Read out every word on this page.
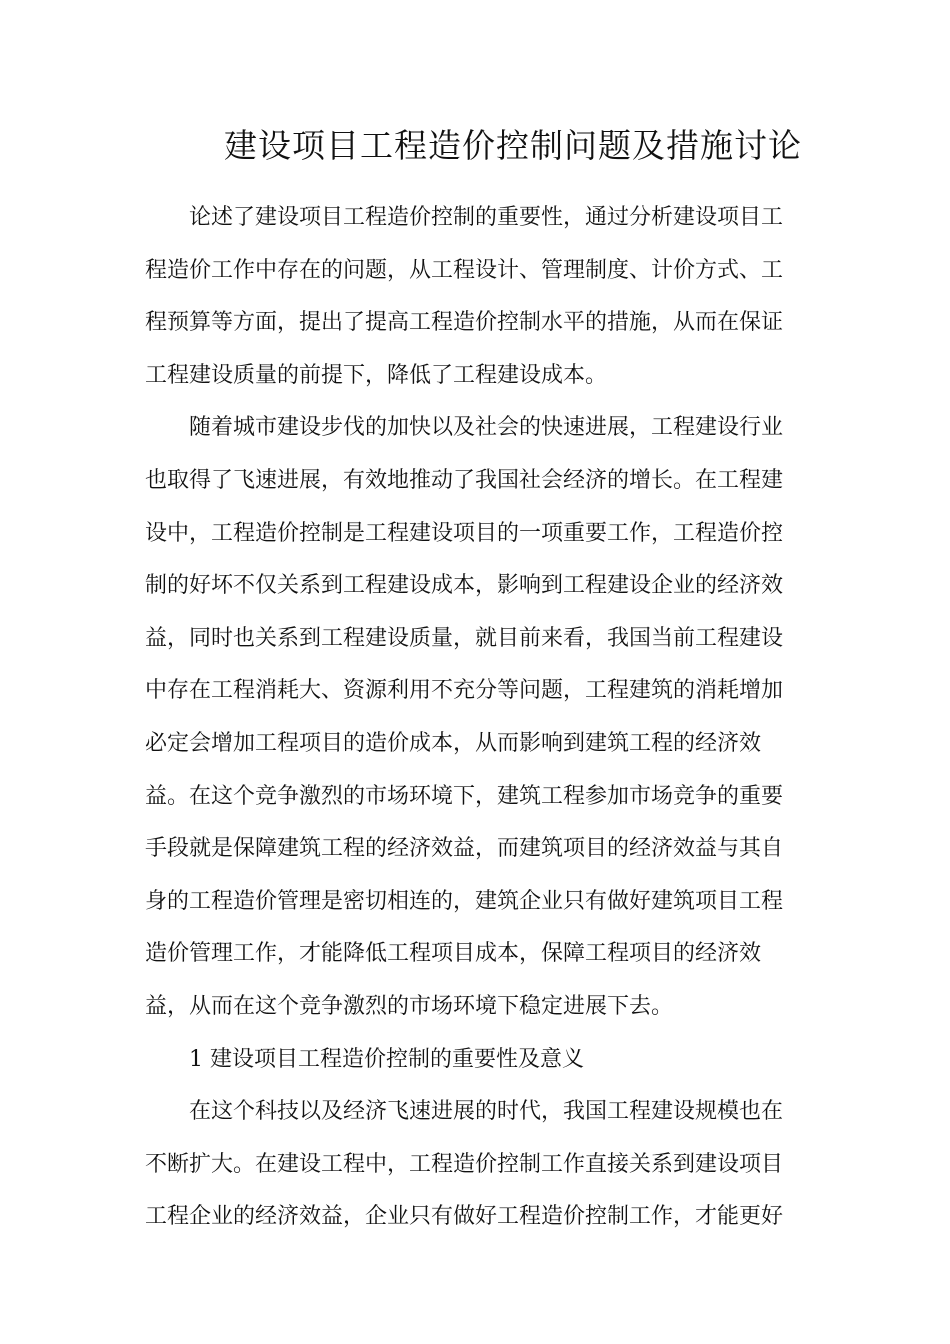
建设项目工程造价控制问题及措施讨论
论述了建设项目工程造价控制的重要性，通过分析建设项目工
程造价工作中存在的问题，从工程设计、管理制度、计价方式、工
程预算等方面，提出了提高工程造价控制水平的措施，从而在保证
工程建设质量的前提下，降低了工程建设成本。
随着城市建设步伐的加快以及社会的快速进展，工程建设行业
也取得了飞速进展，有效地推动了我国社会经济的增长。在工程建
设中，工程造价控制是工程建设项目的一项重要工作，工程造价控
制的好坏不仅关系到工程建设成本，影响到工程建设企业的经济效
益，同时也关系到工程建设质量，就目前来看，我国当前工程建设
中存在工程消耗大、资源利用不充分等问题，工程建筑的消耗增加
必定会增加工程项目的造价成本，从而影响到建筑工程的经济效
益。在这个竞争激烈的市场环境下，建筑工程参加市场竞争的重要
手段就是保障建筑工程的经济效益，而建筑项目的经济效益与其自
身的工程造价管理是密切相连的，建筑企业只有做好建筑项目工程
造价管理工作，才能降低工程项目成本，保障工程项目的经济效
益，从而在这个竞争激烈的市场环境下稳定进展下去。
1 建设项目工程造价控制的重要性及意义
在这个科技以及经济飞速进展的时代，我国工程建设规模也在
不断扩大。在建设工程中，工程造价控制工作直接关系到建设项目
工程企业的经济效益，企业只有做好工程造价控制工作，才能更好
